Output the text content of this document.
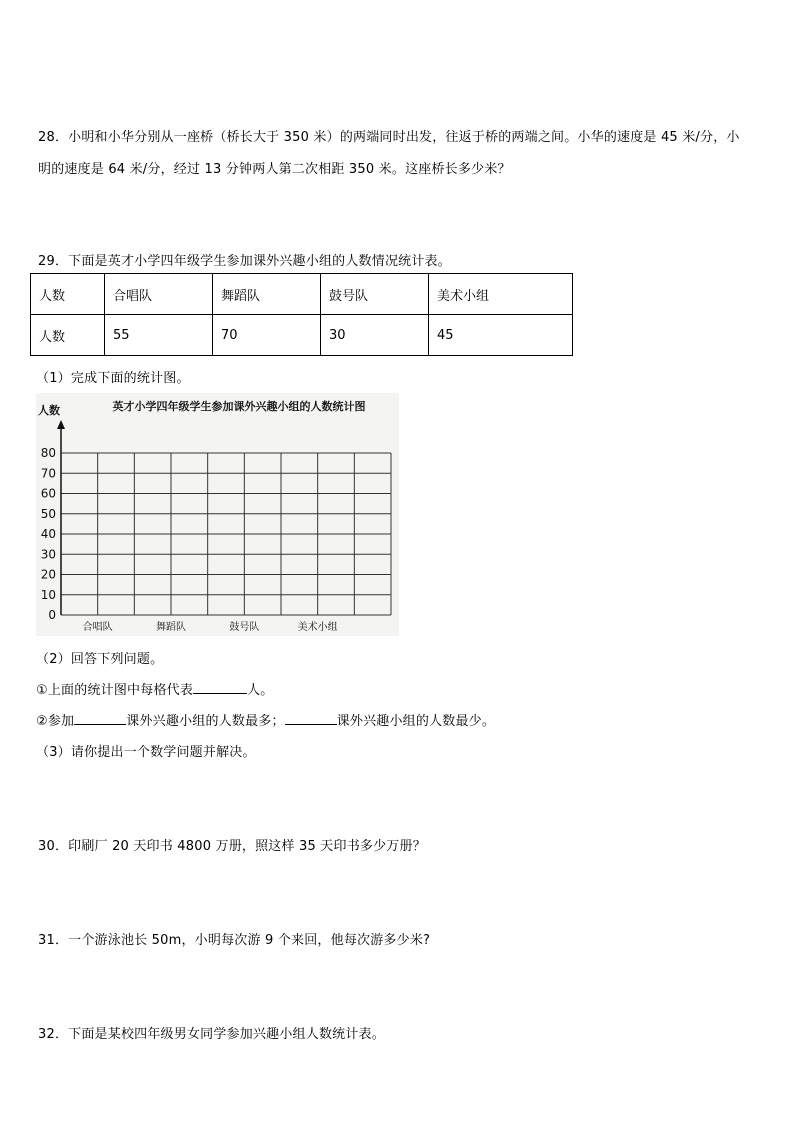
28．小明和小华分别从一座桥（桥长大于 350 米）的两端同时出发，往返于桥的两端之间。小华的速度是 45 米/分，小
明的速度是 64 米/分，经过 13 分钟两人第二次相距 350 米。这座桥长多少米？
29．下面是英才小学四年级学生参加课外兴趣小组的人数情况统计表。
人数	合唱队	舞蹈队	鼓号队	美术小组
人数	55	70	30	45
（1）完成下面的统计图。
英才小学四年级学生参加课外兴趣小组的人数统计图
人数
0
10
20
30
40
50
60
70
80
合唱队	舞蹈队	鼓号队	美术小组
（2）回答下列问题。
①上面的统计图中每格代表	人。
②参加	课外兴趣小组的人数最多；	课外兴趣小组的人数最少。
（3）请你提出一个数学问题并解决。
30．印刷厂 20 天印书 4800 万册，照这样 35 天印书多少万册？
31．一个游泳池长 50m，小明每次游 9 个来回，他每次游多少米?
32．下面是某校四年级男女同学参加兴趣小组人数统计表。
